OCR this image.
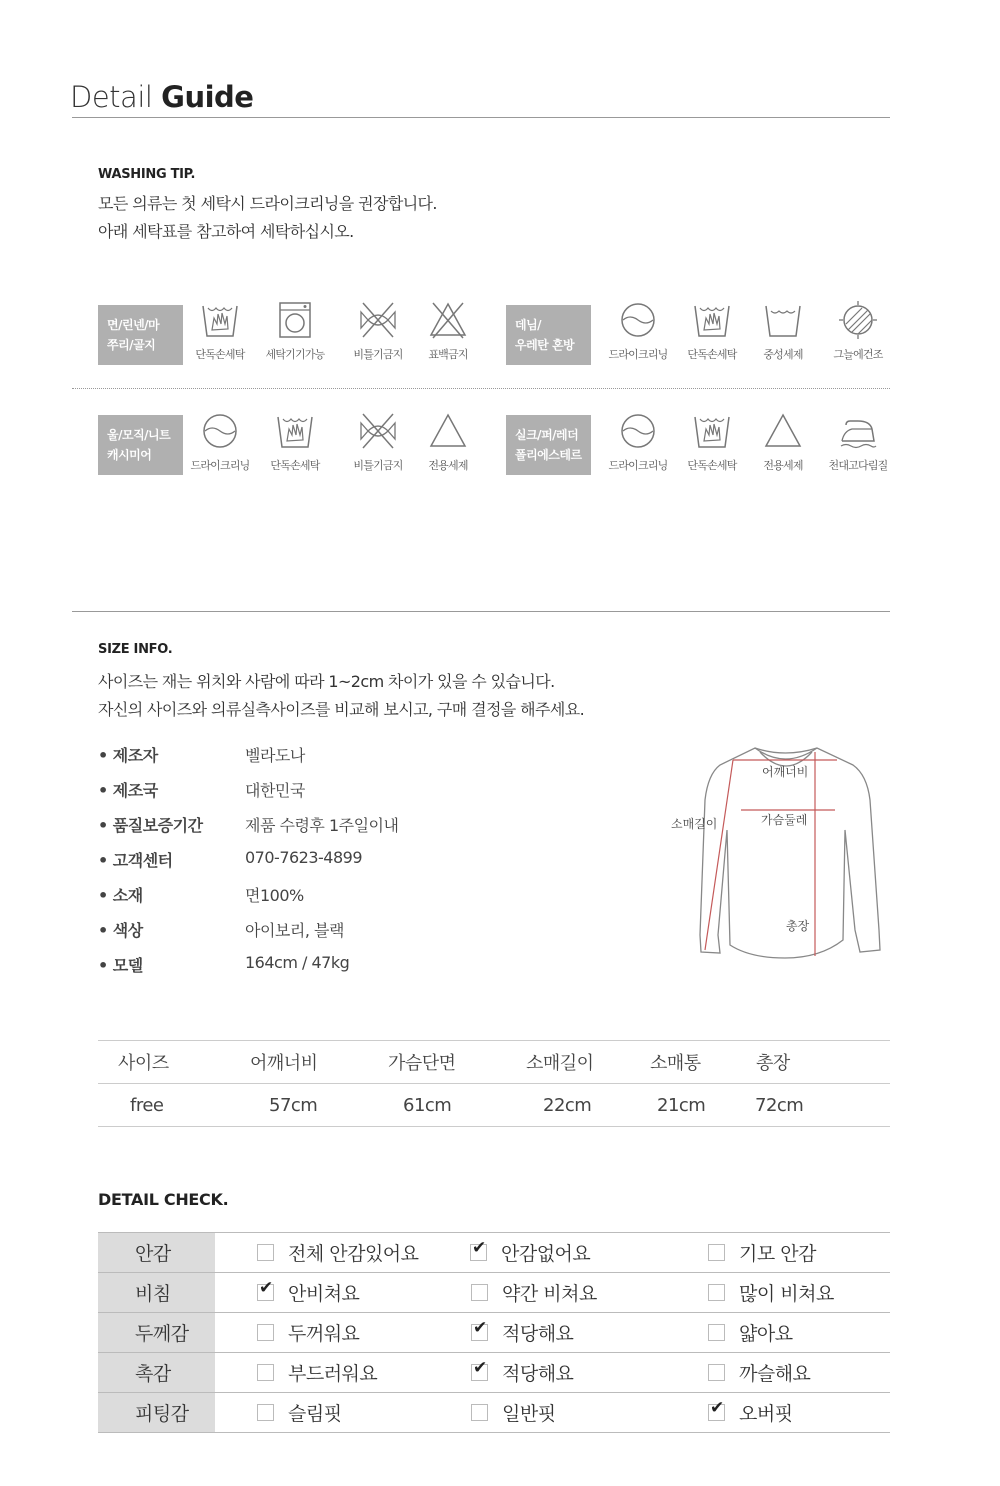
Detail Guide
WASHING TIP.
모든 의류는 첫 세탁시 드라이크리닝을 권장합니다.
아래 세탁표를 참고하여 세탁하십시오.
면/린넨/마
쭈리/골지
단독손세탁	세탁기기가능	비틀기금지	표백금지
데님/
우레탄 혼방
드라이크리닝	단독손세탁	중성세제	그늘에건조
울/모직/니트
캐시미어
드라이크리닝	단독손세탁	비틀기금지	전용세제
실크/퍼/레더
폴리에스테르
드라이크리닝	단독손세탁	전용세제	천대고다림질
SIZE INFO.
사이즈는 재는 위치와 사람에 따라 1~2cm 차이가 있을 수 있습니다.
자신의 사이즈와 의류실측사이즈를 비교해 보시고, 구매 결정을 해주세요.
• 제조자	벨라도나
• 제조국	대한민국
• 품질보증기간	제품 수령후 1주일이내
• 고객센터	070-7623-4899
• 소재	면100%
• 색상	아이보리, 블랙
• 모델	164cm / 47kg
어깨너비
가슴둘레
소매길이
총장
사이즈	어깨너비	가슴단면	소매길이	소매통	총장
free	57cm	61cm	22cm	21cm	72cm
DETAIL CHECK.
안감	전체 안감있어요	✔안감없어요	기모 안감
비침	✔안비쳐요	약간 비쳐요	많이 비쳐요
두께감	두꺼워요	✔적당해요	얇아요
촉감	부드러워요	✔적당해요	까슬해요
피팅감	슬림핏	일반핏	✔오버핏
